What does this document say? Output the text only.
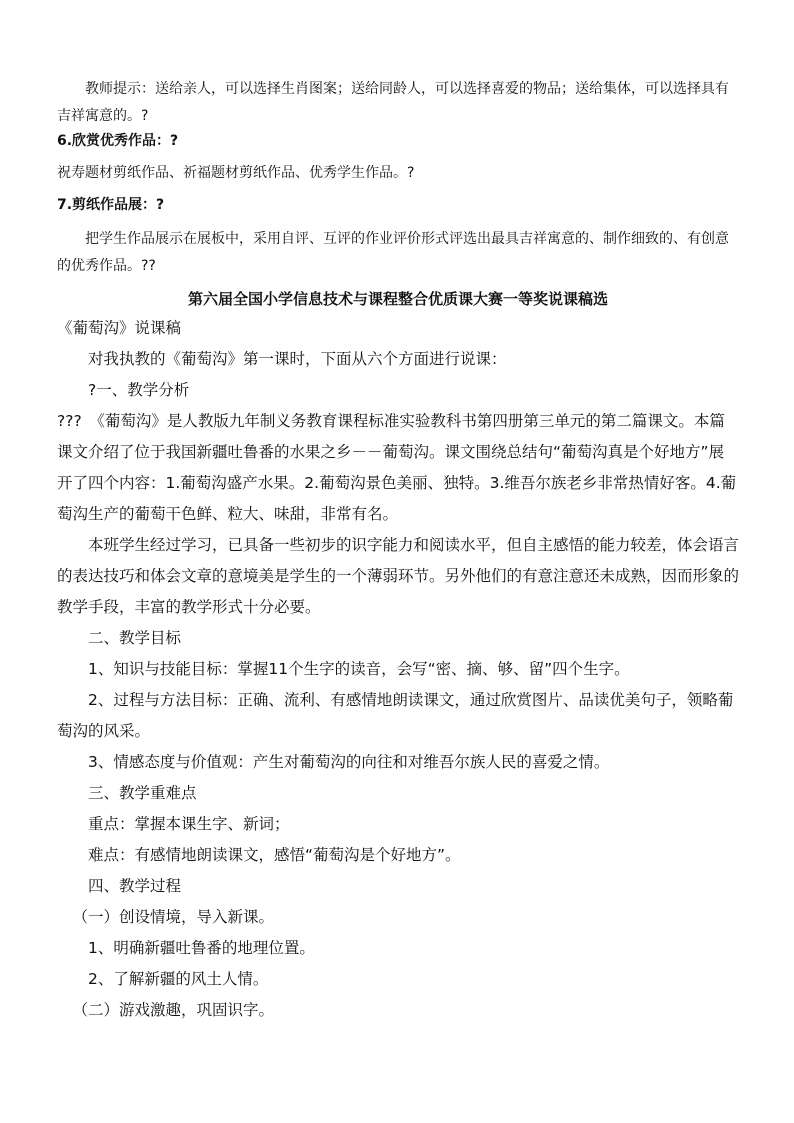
教师提示：送给亲人，可以选择生肖图案；送给同龄人，可以选择喜爱的物品；送给集体，可以选择具有吉祥寓意的。?

6.欣赏优秀作品：?

祝寿题材剪纸作品、祈福题材剪纸作品、优秀学生作品。?

7.剪纸作品展：?

把学生作品展示在展板中，采用自评、互评的作业评价形式评选出最具吉祥寓意的、制作细致的、有创意的优秀作品。??

第六届全国小学信息技术与课程整合优质课大赛一等奖说课稿选

《葡萄沟》说课稿

对我执教的《葡萄沟》第一课时，下面从六个方面进行说课：

?一、教学分析

???　《葡萄沟》是人教版九年制义务教育课程标准实验教科书第四册第三单元的第二篇课文。本篇课文介绍了位于我国新疆吐鲁番的水果之乡－－葡萄沟。课文围绕总结句“葡萄沟真是个好地方”展开了四个内容：1.葡萄沟盛产水果。2.葡萄沟景色美丽、独特。3.维吾尔族老乡非常热情好客。4.葡萄沟生产的葡萄干色鲜、粒大、味甜，非常有名。

本班学生经过学习，已具备一些初步的识字能力和阅读水平，但自主感悟的能力较差，体会语言的表达技巧和体会文章的意境美是学生的一个薄弱环节。另外他们的有意注意还未成熟，因而形象的教学手段，丰富的教学形式十分必要。

二、教学目标

1、知识与技能目标：掌握11个生字的读音，会写“密、摘、够、留”四个生字。

2、过程与方法目标：正确、流利、有感情地朗读课文，通过欣赏图片、品读优美句子，领略葡萄沟的风采。

3、情感态度与价值观：产生对葡萄沟的向往和对维吾尔族人民的喜爱之情。

三、教学重难点

重点：掌握本课生字、新词；

难点：有感情地朗读课文，感悟“葡萄沟是个好地方”。

四、教学过程

（一）创设情境，导入新课。

1、明确新疆吐鲁番的地理位置。

2、了解新疆的风土人情。

（二）游戏激趣，巩固识字。
